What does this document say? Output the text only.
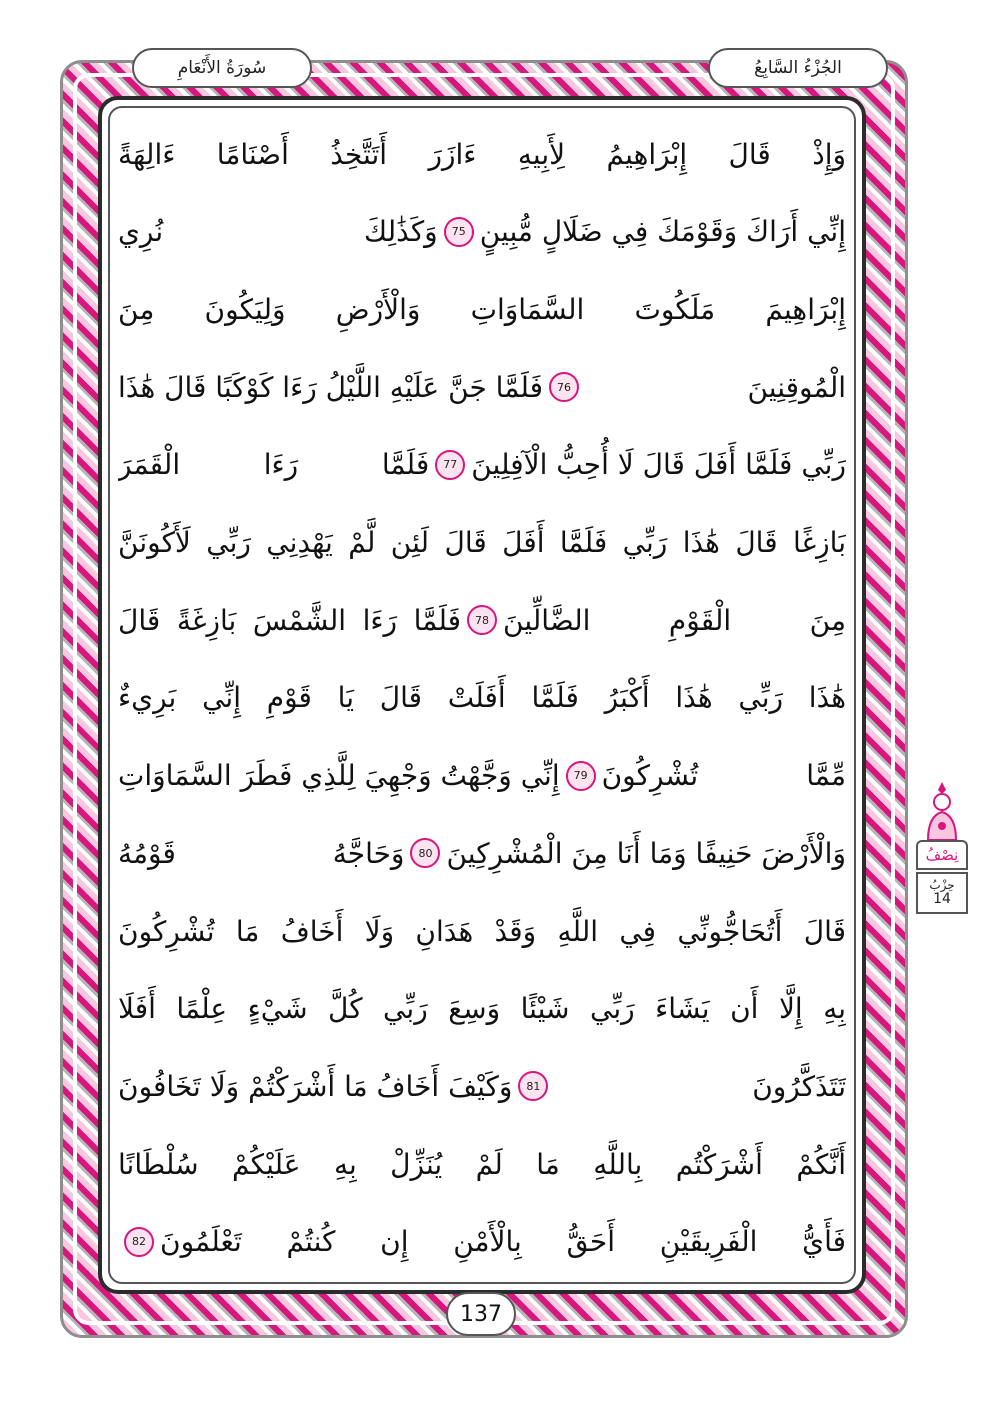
الجُزْءُ السَّابِعُ
سُورَةُ الأَنْعَامِ
وَإِذْ قَالَ إِبْرَاهِيمُ لِأَبِيهِ ءَازَرَ أَتَتَّخِذُ أَصْنَامًا ءَالِهَةً
إِنِّي أَرَاكَ وَقَوْمَكَ فِي ضَلَالٍ مُّبِينٍ
75
وَكَذَٰلِكَ نُرِي
إِبْرَاهِيمَ مَلَكُوتَ السَّمَاوَاتِ وَالْأَرْضِ وَلِيَكُونَ مِنَ
الْمُوقِنِينَ
76
فَلَمَّا جَنَّ عَلَيْهِ اللَّيْلُ رَءَا كَوْكَبًا قَالَ هَٰذَا
رَبِّي فَلَمَّا أَفَلَ قَالَ لَا أُحِبُّ الْآفِلِينَ
77
فَلَمَّا رَءَا الْقَمَرَ
بَازِغًا قَالَ هَٰذَا رَبِّي فَلَمَّا أَفَلَ قَالَ لَئِن لَّمْ يَهْدِنِي رَبِّي لَأَكُونَنَّ
مِنَ الْقَوْمِ الضَّالِّينَ
78
فَلَمَّا رَءَا الشَّمْسَ بَازِغَةً قَالَ
هَٰذَا رَبِّي هَٰذَا أَكْبَرُ فَلَمَّا أَفَلَتْ قَالَ يَا قَوْمِ إِنِّي بَرِيءٌ
مِّمَّا تُشْرِكُونَ
79
إِنِّي وَجَّهْتُ وَجْهِيَ لِلَّذِي فَطَرَ السَّمَاوَاتِ
وَالْأَرْضَ حَنِيفًا وَمَا أَنَا مِنَ الْمُشْرِكِينَ
80
وَحَاجَّهُ قَوْمُهُ
قَالَ أَتُحَاجُّونِّي فِي اللَّهِ وَقَدْ هَدَانِ وَلَا أَخَافُ مَا تُشْرِكُونَ
بِهِ إِلَّا أَن يَشَاءَ رَبِّي شَيْئًا وَسِعَ رَبِّي كُلَّ شَيْءٍ عِلْمًا أَفَلَا
تَتَذَكَّرُونَ
81
وَكَيْفَ أَخَافُ مَا أَشْرَكْتُمْ وَلَا تَخَافُونَ
أَنَّكُمْ أَشْرَكْتُم بِاللَّهِ مَا لَمْ يُنَزِّلْ بِهِ عَلَيْكُمْ سُلْطَانًا
فَأَيُّ الْفَرِيقَيْنِ أَحَقُّ بِالْأَمْنِ إِن كُنتُمْ تَعْلَمُونَ
82
137
نِصْفُ
حِزْبُ
14
